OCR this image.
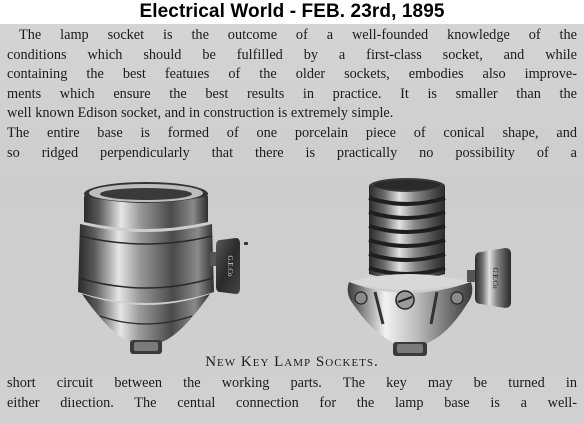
Electrical World - FEB. 23rd, 1895

The lamp socket is the outcome of a well-founded knowledge of the
conditions which should be fulfilled by a first-class socket, and while
containing the best featuıes of the older sockets, embodies also improve-
ments which ensure the best results in practice. It is smaller than the
well known Edison socket, and in construction is extremely simple.
The entire base is formed of one porcelain piece of conical shape, and
so ridged perpendicularly that there is practically no possibility of a

G.E.Co
G.E.Co
New Key Lamp Sockets.

short circuit between the working parts. The key may be turned in
either diıection. The centıal connection for the lamp base is a well-
